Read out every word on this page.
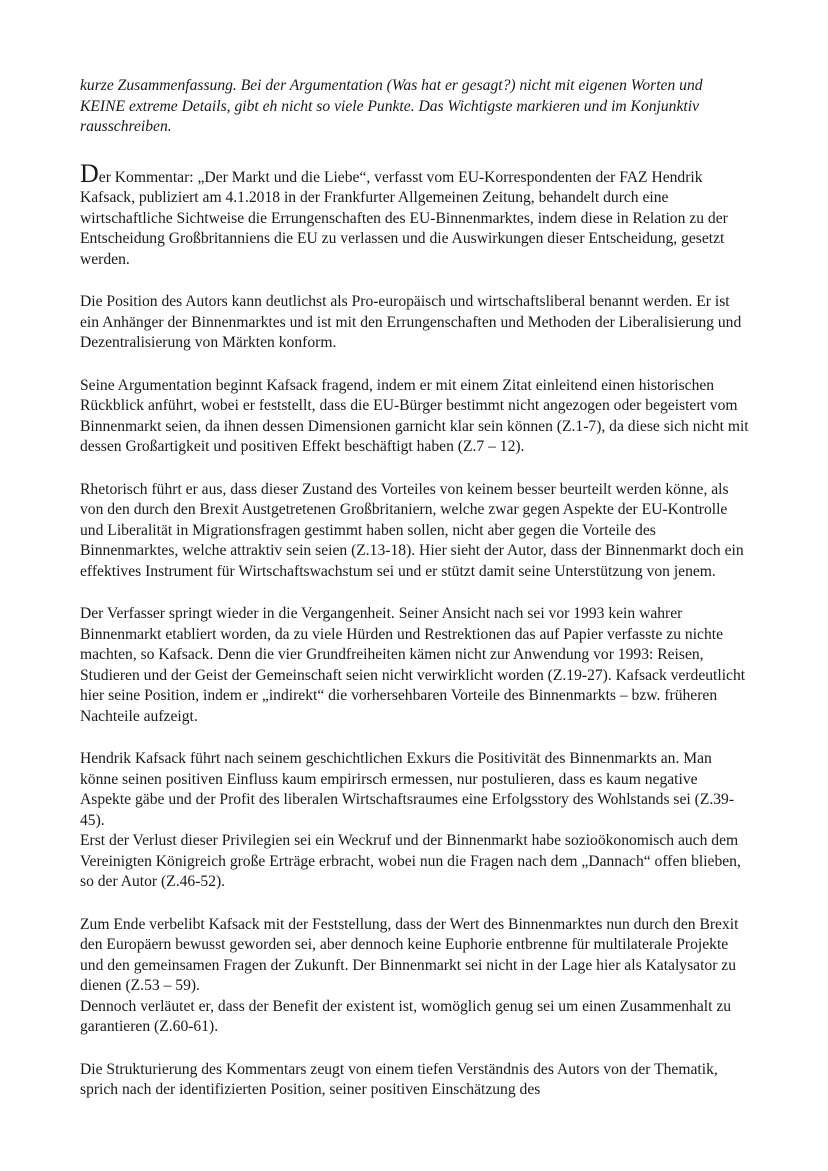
kurze Zusammenfassung. Bei der Argumentation (Was hat er gesagt?) nicht mit eigenen Worten und KEINE extreme Details, gibt eh nicht so viele Punkte. Das Wichtigste markieren und im Konjunktiv rausschreiben.

Der Kommentar: „Der Markt und die Liebe“, verfasst vom EU-Korrespondenten der FAZ Hendrik Kafsack, publiziert am 4.1.2018 in der Frankfurter Allgemeinen Zeitung, behandelt durch eine wirtschaftliche Sichtweise die Errungenschaften des EU-Binnenmarktes, indem diese in Relation zu der Entscheidung Großbritanniens die EU zu verlassen und die Auswirkungen dieser Entscheidung, gesetzt werden.

Die Position des Autors kann deutlichst als Pro-europäisch und wirtschaftsliberal benannt werden. Er ist ein Anhänger der Binnenmarktes und ist mit den Errungenschaften und Methoden der Liberalisierung und Dezentralisierung von Märkten konform.

Seine Argumentation beginnt Kafsack fragend, indem er mit einem Zitat einleitend einen historischen Rückblick anführt, wobei er feststellt, dass die EU-Bürger bestimmt nicht angezogen oder begeistert vom Binnenmarkt seien, da ihnen dessen Dimensionen garnicht klar sein können (Z.1-7), da diese sich nicht mit dessen Großartigkeit und positiven Effekt beschäftigt haben (Z.7 – 12).

Rhetorisch führt er aus, dass dieser Zustand des Vorteiles von keinem besser beurteilt werden könne, als von den durch den Brexit Austgetretenen Großbritaniern, welche zwar gegen Aspekte der EU-Kontrolle und Liberalität in Migrationsfragen gestimmt haben sollen, nicht aber gegen die Vorteile des Binnenmarktes, welche attraktiv sein seien (Z.13-18). Hier sieht der Autor, dass der Binnenmarkt doch ein effektives Instrument für Wirtschaftswachstum sei und er stützt damit seine Unterstützung von jenem.

Der Verfasser springt wieder in die Vergangenheit. Seiner Ansicht nach sei vor 1993 kein wahrer Binnenmarkt etabliert worden, da zu viele Hürden und Restrektionen das auf Papier verfasste zu nichte machten, so Kafsack. Denn die vier Grundfreiheiten kämen nicht zur Anwendung vor 1993: Reisen, Studieren und der Geist der Gemeinschaft seien nicht verwirklicht worden (Z.19-27). Kafsack verdeutlicht hier seine Position, indem er „indirekt“ die vorhersehbaren Vorteile des Binnenmarkts – bzw. früheren Nachteile aufzeigt.

Hendrik Kafsack führt nach seinem geschichtlichen Exkurs die Positivität des Binnenmarkts an. Man könne seinen positiven Einfluss kaum empirirsch ermessen, nur postulieren, dass es kaum negative Aspekte gäbe und der Profit des liberalen Wirtschaftsraumes eine Erfolgsstory des Wohlstands sei (Z.39-45).

Erst der Verlust dieser Privilegien sei ein Weckruf und der Binnenmarkt habe sozioökonomisch auch dem Vereinigten Königreich große Erträge erbracht, wobei nun die Fragen nach dem „Dannach“ offen blieben, so der Autor (Z.46-52).

Zum Ende verbelibt Kafsack mit der Feststellung, dass der Wert des Binnenmarktes nun durch den Brexit den Europäern bewusst geworden sei, aber dennoch keine Euphorie entbrenne für multilaterale Projekte und den gemeinsamen Fragen der Zukunft. Der Binnenmarkt sei nicht in der Lage hier als Katalysator zu dienen (Z.53 – 59).

Dennoch verläutet er, dass der Benefit der existent ist, womöglich genug sei um einen Zusammenhalt zu garantieren (Z.60-61).

Die Strukturierung des Kommentars zeugt von einem tiefen Verständnis des Autors von der Thematik, sprich nach der identifizierten Position, seiner positiven Einschätzung des
